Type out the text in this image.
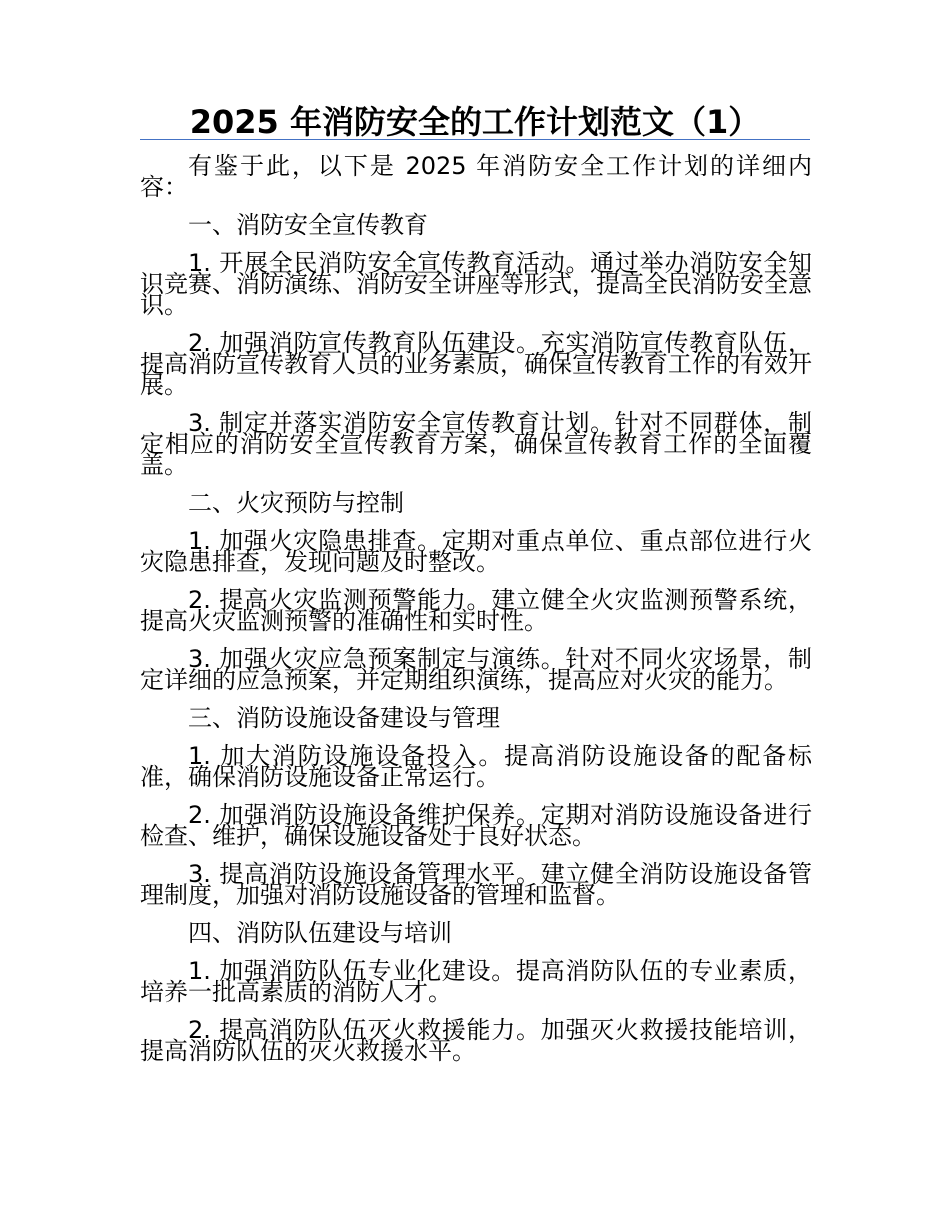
2025 年消防安全的工作计划范文（1）

有鉴于此，以下是 2025 年消防安全工作计划的详细内容：

一、消防安全宣传教育

1. 开展全民消防安全宣传教育活动。通过举办消防安全知识竞赛、消防演练、消防安全讲座等形式，提高全民消防安全意识。

2. 加强消防宣传教育队伍建设。充实消防宣传教育队伍，提高消防宣传教育人员的业务素质，确保宣传教育工作的有效开展。

3. 制定并落实消防安全宣传教育计划。针对不同群体，制定相应的消防安全宣传教育方案，确保宣传教育工作的全面覆盖。

二、火灾预防与控制

1. 加强火灾隐患排查。定期对重点单位、重点部位进行火灾隐患排查，发现问题及时整改。

2. 提高火灾监测预警能力。建立健全火灾监测预警系统，提高火灾监测预警的准确性和实时性。

3. 加强火灾应急预案制定与演练。针对不同火灾场景，制定详细的应急预案，并定期组织演练，提高应对火灾的能力。

三、消防设施设备建设与管理

1. 加大消防设施设备投入。提高消防设施设备的配备标准，确保消防设施设备正常运行。

2. 加强消防设施设备维护保养。定期对消防设施设备进行检查、维护，确保设施设备处于良好状态。

3. 提高消防设施设备管理水平。建立健全消防设施设备管理制度，加强对消防设施设备的管理和监督。

四、消防队伍建设与培训

1. 加强消防队伍专业化建设。提高消防队伍的专业素质，培养一批高素质的消防人才。

2. 提高消防队伍灭火救援能力。加强灭火救援技能培训，提高消防队伍的灭火救援水平。
